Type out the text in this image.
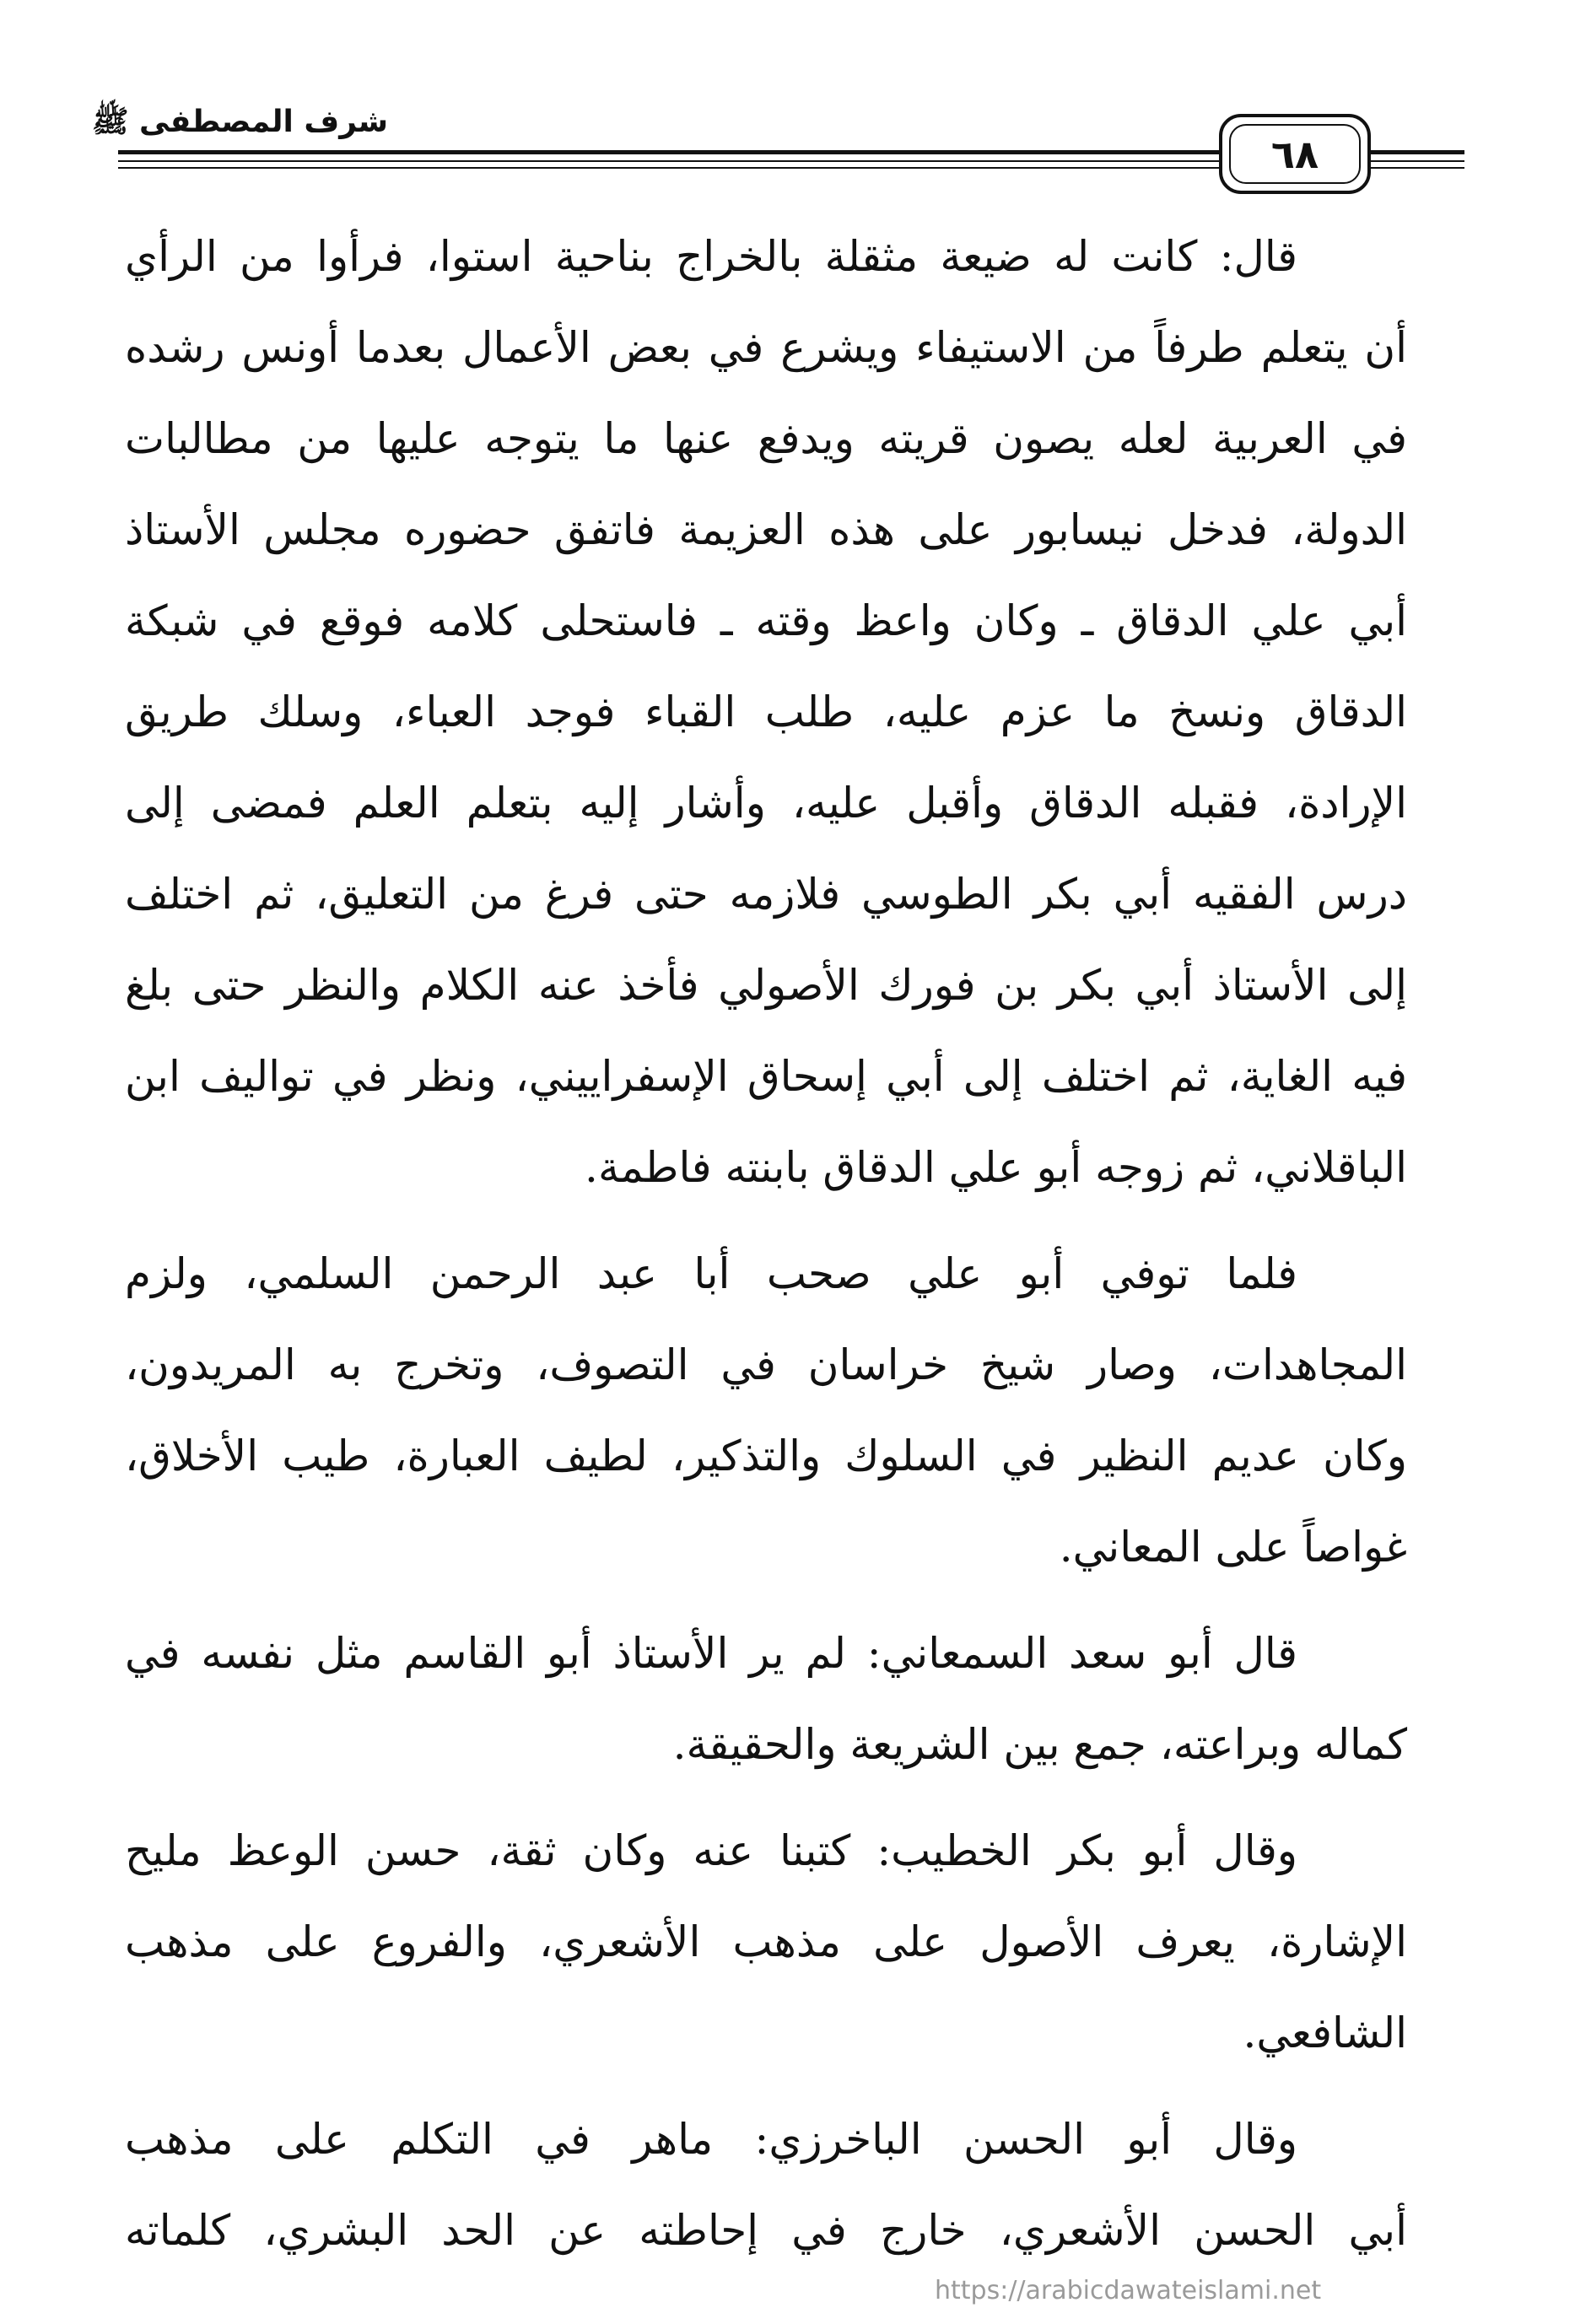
شرف المصطفى ﷺ
٦٨

قال: كانت له ضيعة مثقلة بالخراج بناحية استوا، فرأوا من الرأي
أن يتعلم طرفاً من الاستيفاء ويشرع في بعض الأعمال بعدما أونس رشده
في العربية لعله يصون قريته ويدفع عنها ما يتوجه عليها من مطالبات
الدولة، فدخل نيسابور على هذه العزيمة فاتفق حضوره مجلس الأستاذ
أبي علي الدقاق ـ وكان واعظ وقته ـ فاستحلى كلامه فوقع في شبكة
الدقاق ونسخ ما عزم عليه، طلب القباء فوجد العباء، وسلك طريق
الإرادة، فقبله الدقاق وأقبل عليه، وأشار إليه بتعلم العلم فمضى إلى
درس الفقيه أبي بكر الطوسي فلازمه حتى فرغ من التعليق، ثم اختلف
إلى الأستاذ أبي بكر بن فورك الأصولي فأخذ عنه الكلام والنظر حتى بلغ
فيه الغاية، ثم اختلف إلى أبي إسحاق الإسفراييني، ونظر في تواليف ابن
الباقلاني، ثم زوجه أبو علي الدقاق بابنته فاطمة.

فلما توفي أبو علي صحب أبا عبد الرحمن السلمي، ولزم
المجاهدات، وصار شيخ خراسان في التصوف، وتخرج به المريدون،
وكان عديم النظير في السلوك والتذكير، لطيف العبارة، طيب الأخلاق،
غواصاً على المعاني.

قال أبو سعد السمعاني: لم ير الأستاذ أبو القاسم مثل نفسه في
كماله وبراعته، جمع بين الشريعة والحقيقة.

وقال أبو بكر الخطيب: كتبنا عنه وكان ثقة، حسن الوعظ مليح
الإشارة، يعرف الأصول على مذهب الأشعري، والفروع على مذهب
الشافعي.

وقال أبو الحسن الباخرزي: ماهر في التكلم على مذهب
أبي الحسن الأشعري، خارج في إحاطته عن الحد البشري، كلماته

https://arabicdawateislami.net
